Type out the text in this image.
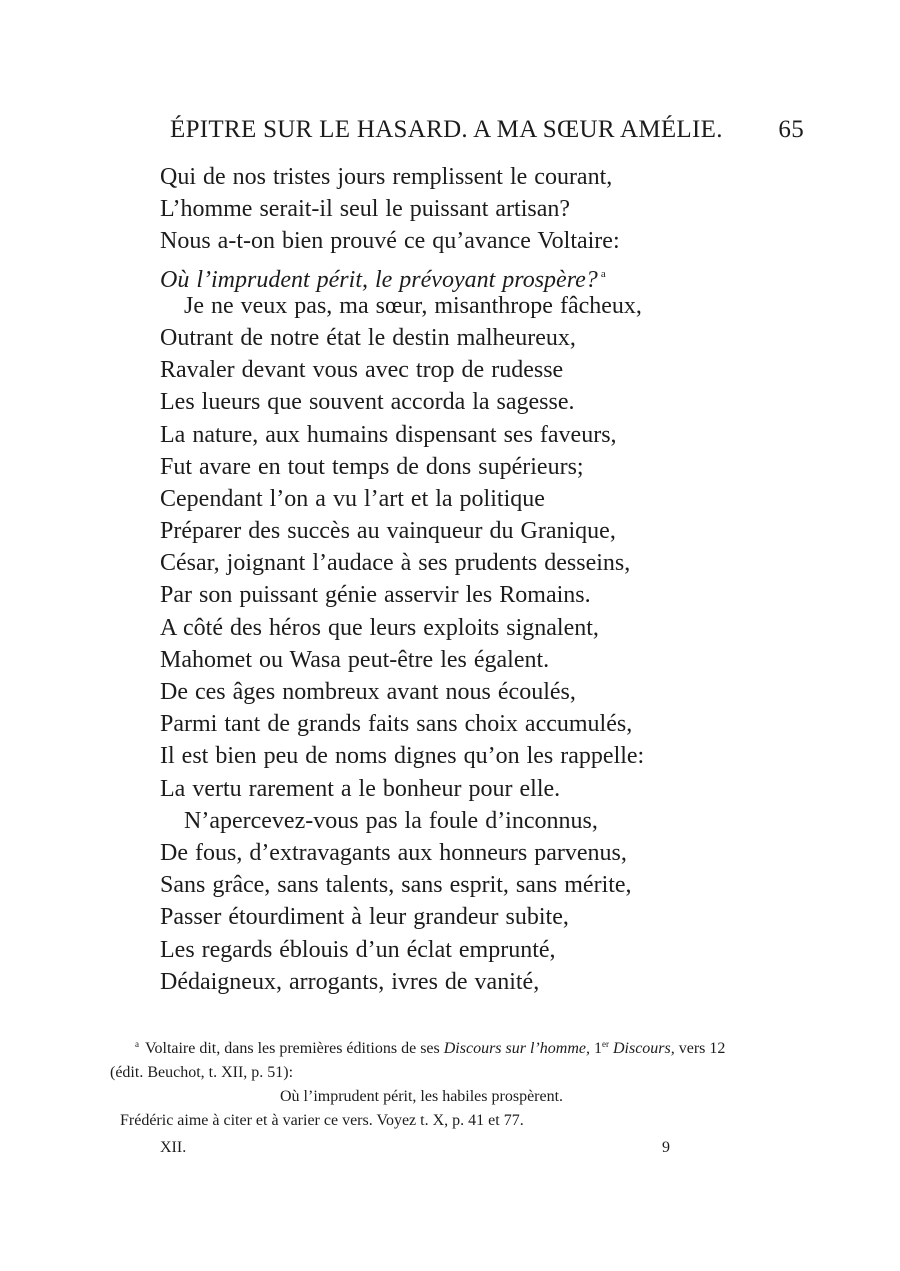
ÉPITRE SUR LE HASARD. A MA SŒUR AMÉLIE. 65
Qui de nos tristes jours remplissent le courant,
L’homme serait-il seul le puissant artisan?
Nous a-t-on bien prouvé ce qu’avance Voltaire:
Où l’imprudent périt, le prévoyant prospère? $^a$
Je ne veux pas, ma sœur, misanthrope fâcheux,
Outrant de notre état le destin malheureux,
Ravaler devant vous avec trop de rudesse
Les lueurs que souvent accorda la sagesse.
La nature, aux humains dispensant ses faveurs,
Fut avare en tout temps de dons supérieurs;
Cependant l’on a vu l’art et la politique
Préparer des succès au vainqueur du Granique,
César, joignant l’audace à ses prudents desseins,
Par son puissant génie asservir les Romains.
A côté des héros que leurs exploits signalent,
Mahomet ou Wasa peut-être les égalent.
De ces âges nombreux avant nous écoulés,
Parmi tant de grands faits sans choix accumulés,
Il est bien peu de noms dignes qu’on les rappelle:
La vertu rarement a le bonheur pour elle.
N’apercevez-vous pas la foule d’inconnus,
De fous, d’extravagants aux honneurs parvenus,
Sans grâce, sans talents, sans esprit, sans mérite,
Passer étourdiment à leur grandeur subite,
Les regards éblouis d’un éclat emprunté,
Dédaigneux, arrogants, ivres de vanité,
$^a$ Voltaire dit, dans les premières éditions de ses Discours sur l’homme, 1er Discours, vers 12
(édit. Beuchot, t. XII, p. 51):
Où l’imprudent périt, les habiles prospèrent.
Frédéric aime à citer et à varier ce vers. Voyez t. X, p. 41 et 77.
XII.	9
